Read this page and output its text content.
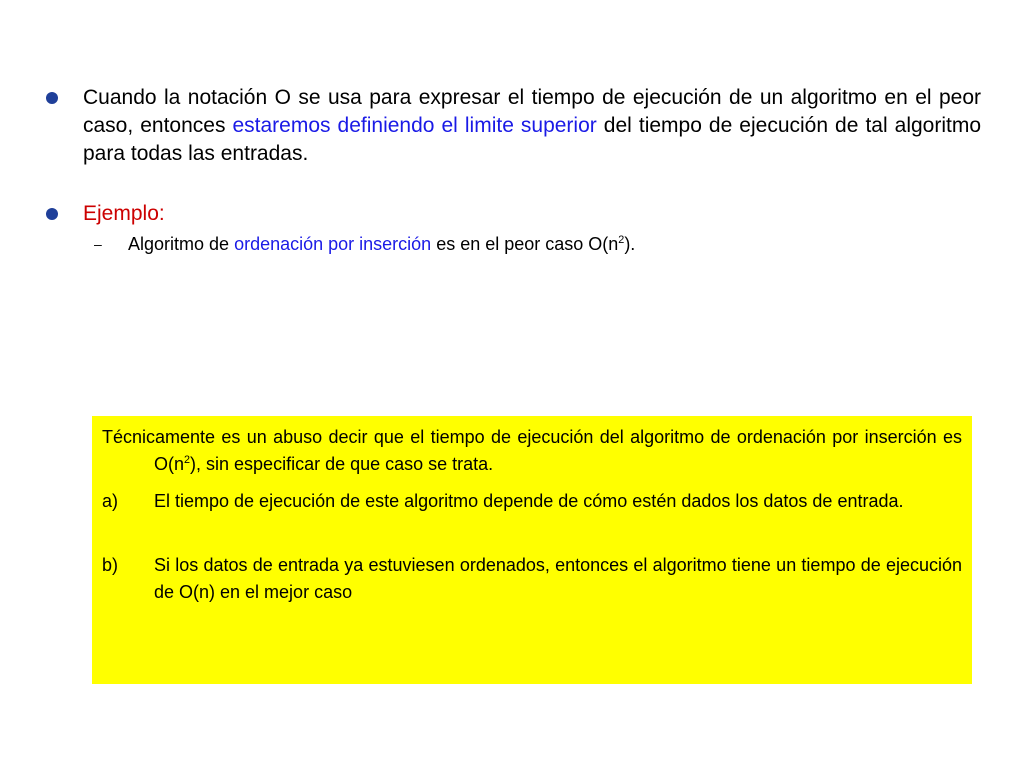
Cuando la notación O se usa para expresar el tiempo de ejecución de un algoritmo en el peor caso, entonces estaremos definiendo el limite superior del tiempo de ejecución de tal algoritmo para todas las entradas.
Ejemplo:
–	Algoritmo de ordenación por inserción es en el peor caso $O(n^2)$.
Técnicamente es un abuso decir que el tiempo de ejecución del algoritmo de ordenación por inserción es $O(n^2)$, sin especificar de que caso se trata.
a)	El tiempo de ejecución de este algoritmo depende de cómo estén dados los datos de entrada.
b)	Si los datos de entrada ya estuviesen ordenados, entonces el algoritmo tiene un tiempo de ejecución de O(n) en el mejor caso
